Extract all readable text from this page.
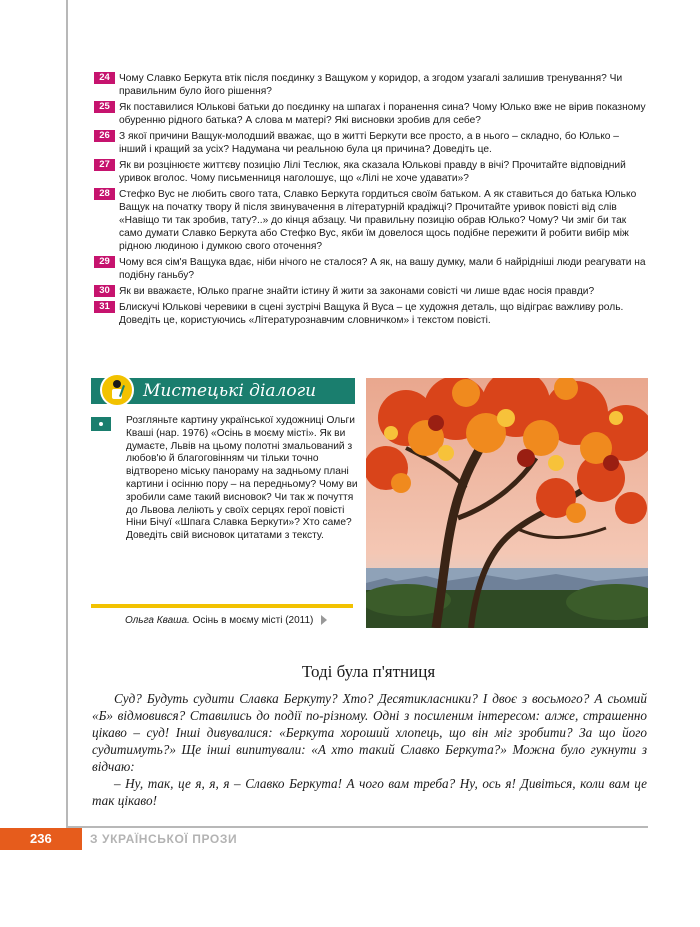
24 Чому Славко Беркута втік після поєдинку з Ващуком у коридор, а згодом узагалі залишив тренування? Чи правильним було його рішення?
25 Як поставилися Юлькові батьки до поєдинку на шпагах і поранення сина? Чому Юлько вже не вірив показному обуренню рідного батька? А слова м матері? Які висновки зробив для себе?
26 З якої причини Ващук-молодший вважає, що в житті Беркути все просто, а в нього – складно, бо Юлько – інший і кращий за усіх? Надумана чи реальною була ця причина? Доведіть це.
27 Як ви розцінюєте життєву позицію Лілі Теслюк, яка сказала Юлькові правду в вічі? Прочитайте відповідний уривок вголос. Чому письменниця наголошує, що «Лілі не хоче удавати»?
28 Стефко Вус не любить свого тата, Славко Беркута гордиться своїм батьком. А як ставиться до батька Юлько Ващук на початку твору й після звинувачення в літературній крадіжці? Прочитайте уривок повісті від слів «Навіщо ти так зробив, тату?..» до кінця абзацу. Чи правильну позицію обрав Юлько? Чому? Чи зміг би так само думати Славко Беркута або Стефко Вус, якби їм довелося щось подібне пережити й робити вибір між рідною людиною і думкою свого оточення?
29 Чому вся сім'я Ващука вдає, ніби нічого не сталося? А як, на вашу думку, мали б найрідніші люди реагувати на подібну ганьбу?
30 Як ви вважаєте, Юлько прагне знайти істину й жити за законами совісті чи лише вдає носія правди?
31 Блискучі Юлькові черевики в сцені зустрічі Ващука й Вуса – це художня деталь, що відіграє важливу роль. Доведіть це, користуючись «Літературознавчим словничком» і текстом повісті.
Мистецькі діалоги
Розгляньте картину української художниці Ольги Кваші (нар. 1976) «Осінь в моєму місті». Як ви думаєте, Львів на цьому полотні змальований з любов'ю й благоговінням чи тільки точно відтворено міську панораму на задньому плані картини і осінню пору – на передньому? Чому ви зробили саме такий висновок? Чи так ж почуття до Львова леліють у своїх серцях герої повісті Ніни Бічуї «Шпага Славка Беркути»? Хто саме? Доведіть свій висновок цитатами з тексту.
Ольга Кваша. Осінь в моєму місті (2011)
Тоді була п'ятниця

Суд? Будуть судити Славка Беркуту? Хто? Десятикласники? І двоє з восьмого? А сьомий «Б» відмовився? Ставились до події по-різному. Одні з посиленим інтересом: алже, страшенно цікаво – суд! Інші дивувалися: «Беркута хороший хлопець, що він міг зробити? За що його судитимуть?» Ще інші випитували: «А хто такий Славко Беркута?» Можна було гукнути з відчаю:

– Ну, так, це я, я, я – Славко Беркута! А чого вам треба? Ну, ось я! Дивіться, коли вам це так цікаво!

236	З УКРАЇНСЬКОЇ ПРОЗИ
